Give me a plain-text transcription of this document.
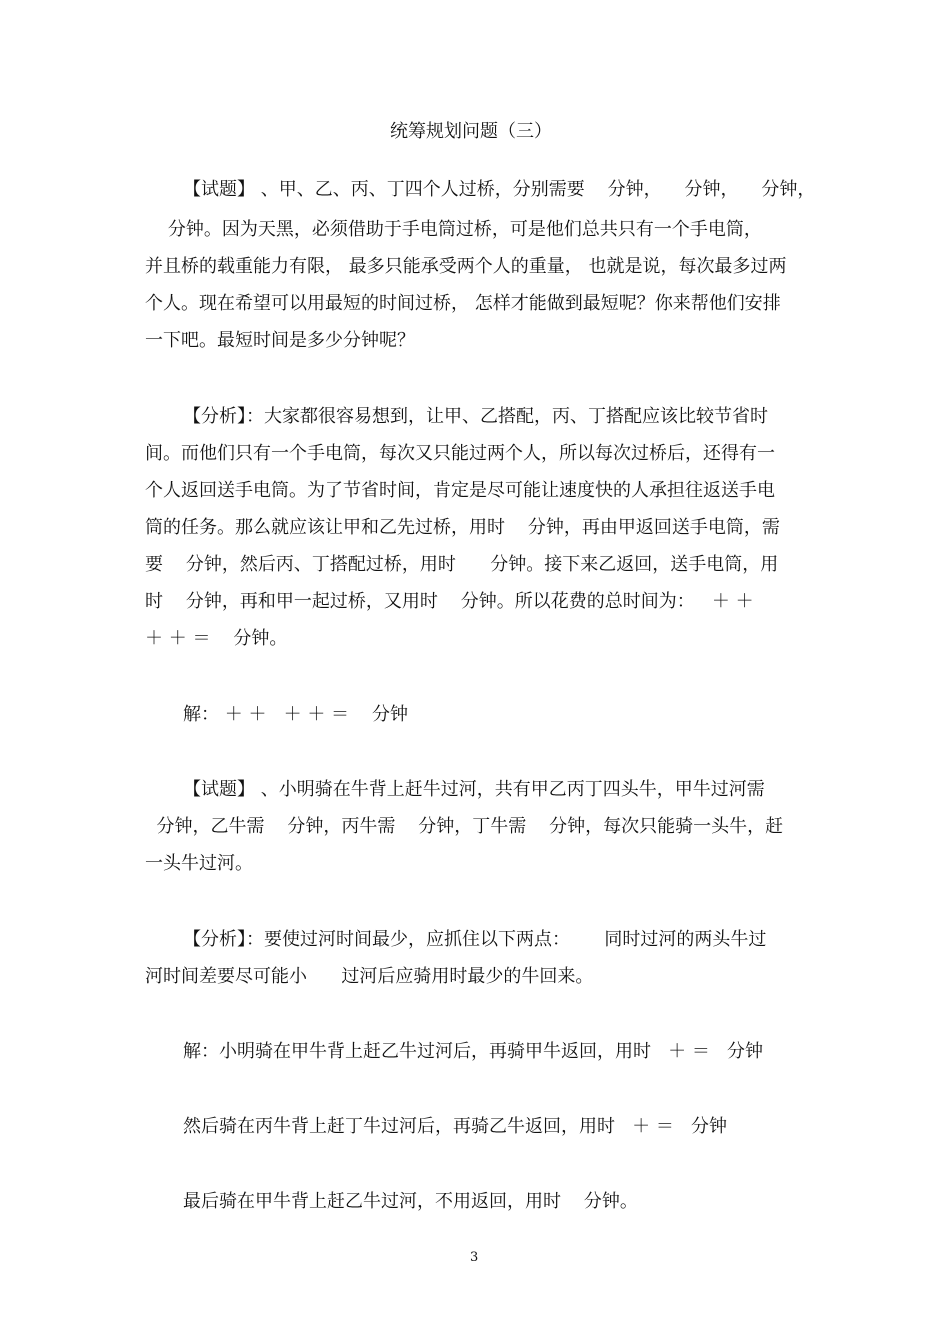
统筹规划问题（三）

【试题】 、甲、乙、丙、丁四个人过桥，分别需要    分钟，    分钟，    分钟，

分钟。因为天黑，必须借助于手电筒过桥，可是他们总共只有一个手电筒，

并且桥的载重能力有限， 最多只能承受两个人的重量， 也就是说，每次最多过两

个人。现在希望可以用最短的时间过桥， 怎样才能做到最短呢？你来帮他们安排

一下吧。最短时间是多少分钟呢？

【分析】：大家都很容易想到，让甲、乙搭配，丙、丁搭配应该比较节省时

间。而他们只有一个手电筒，每次又只能过两个人，所以每次过桥后，还得有一

个人返回送手电筒。为了节省时间，肯定是尽可能让速度快的人承担往返送手电

筒的任务。那么就应该让甲和乙先过桥，用时    分钟，再由甲返回送手电筒，需

要    分钟，然后丙、丁搭配过桥，用时      分钟。接下来乙返回，送手电筒，用

时    分钟，再和甲一起过桥，又用时    分钟。所以花费的总时间为：   ＋ ＋

＋ ＋ ＝    分钟。

解： ＋ ＋   ＋ ＋ ＝    分钟

【试题】 、小明骑在牛背上赶牛过河，共有甲乙丙丁四头牛，甲牛过河需

分钟，乙牛需    分钟，丙牛需    分钟，丁牛需    分钟，每次只能骑一头牛，赶

一头牛过河。

【分析】：要使过河时间最少，应抓住以下两点：      同时过河的两头牛过

河时间差要尽可能小      过河后应骑用时最少的牛回来。

解：小明骑在甲牛背上赶乙牛过河后，再骑甲牛返回，用时   ＋ ＝   分钟

然后骑在丙牛背上赶丁牛过河后，再骑乙牛返回，用时   ＋ ＝   分钟

最后骑在甲牛背上赶乙牛过河，不用返回，用时    分钟。

3
